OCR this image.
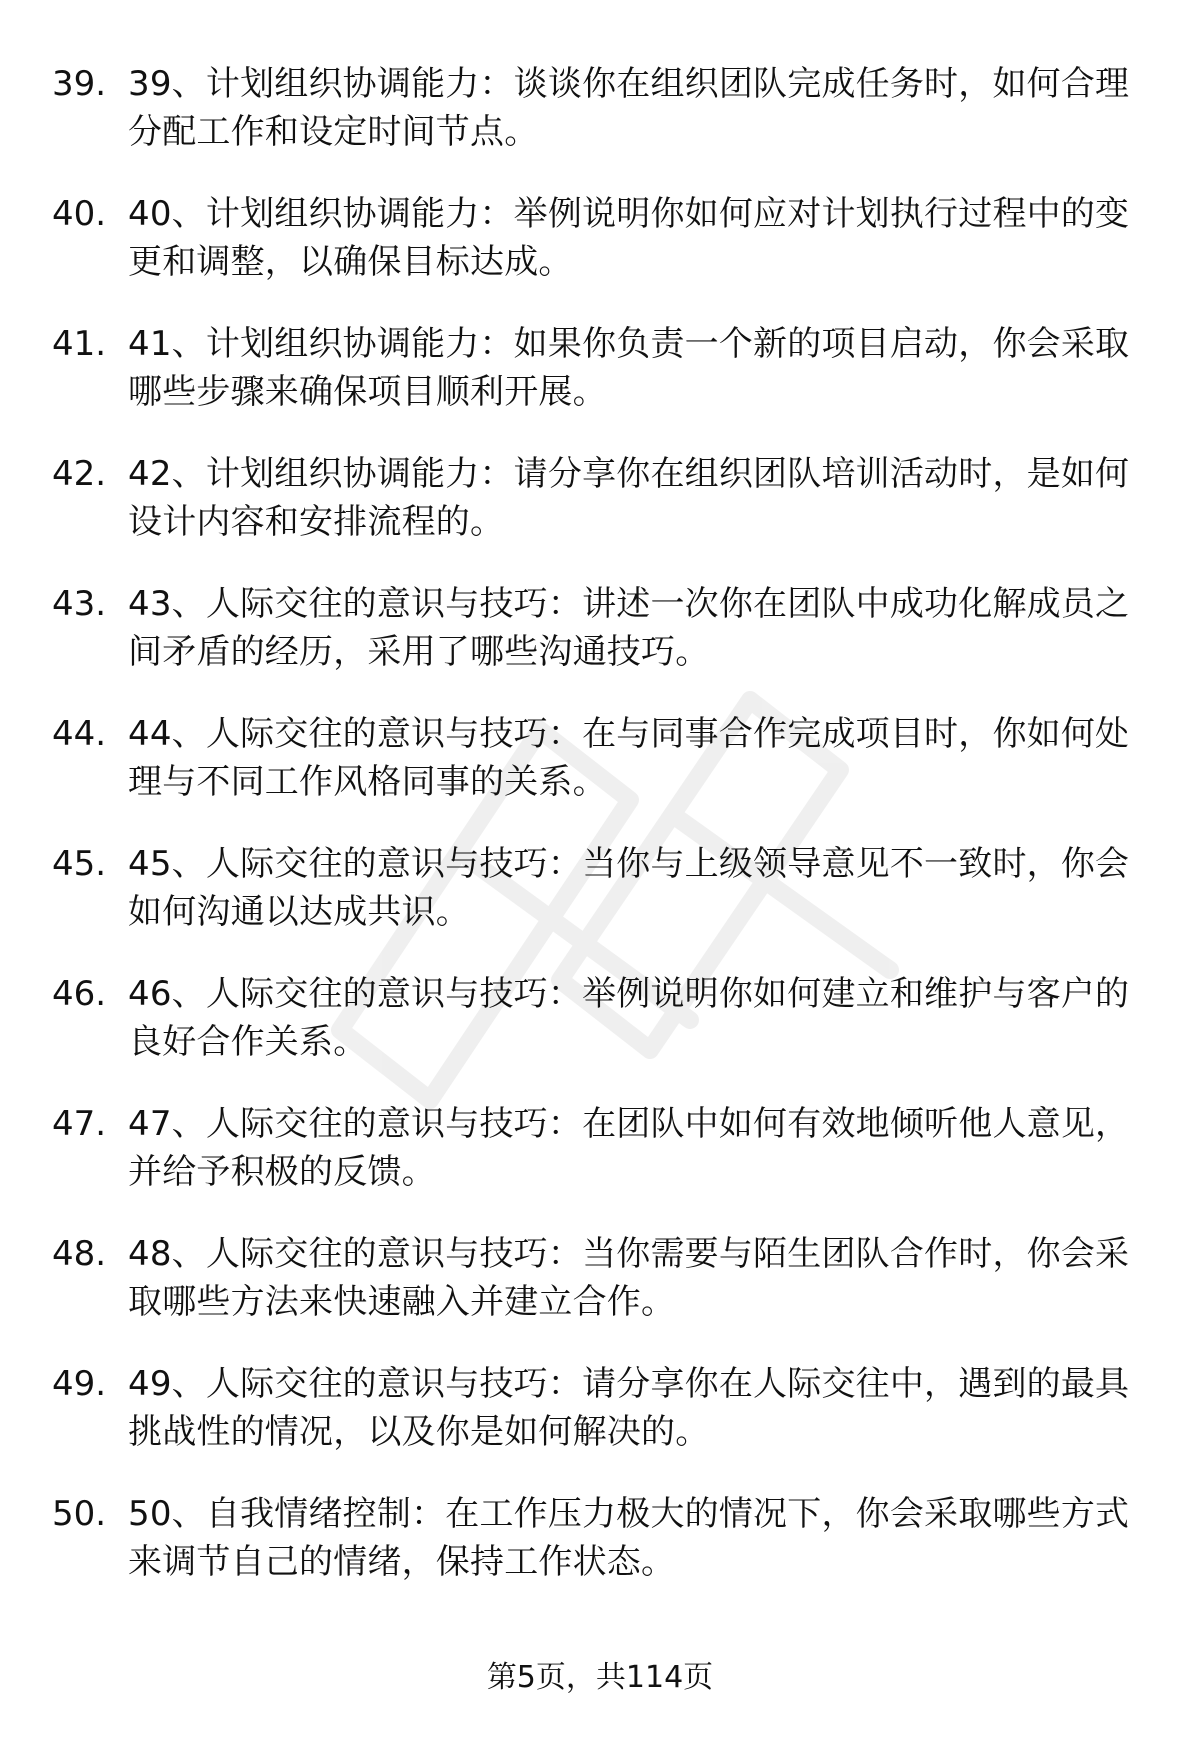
39. 39、计划组织协调能力：谈谈你在组织团队完成任务时，如何合理分配工作和设定时间节点。
40. 40、计划组织协调能力：举例说明你如何应对计划执行过程中的变更和调整，以确保目标达成。
41. 41、计划组织协调能力：如果你负责一个新的项目启动，你会采取哪些步骤来确保项目顺利开展。
42. 42、计划组织协调能力：请分享你在组织团队培训活动时，是如何设计内容和安排流程的。
43. 43、人际交往的意识与技巧：讲述一次你在团队中成功化解成员之间矛盾的经历，采用了哪些沟通技巧。
44. 44、人际交往的意识与技巧：在与同事合作完成项目时，你如何处理与不同工作风格同事的关系。
45. 45、人际交往的意识与技巧：当你与上级领导意见不一致时，你会如何沟通以达成共识。
46. 46、人际交往的意识与技巧：举例说明你如何建立和维护与客户的良好合作关系。
47. 47、人际交往的意识与技巧：在团队中如何有效地倾听他人意见，并给予积极的反馈。
48. 48、人际交往的意识与技巧：当你需要与陌生团队合作时，你会采取哪些方法来快速融入并建立合作。
49. 49、人际交往的意识与技巧：请分享你在人际交往中，遇到的最具挑战性的情况，以及你是如何解决的。
50. 50、自我情绪控制：在工作压力极大的情况下，你会采取哪些方式来调节自己的情绪，保持工作状态。
第5页，共114页
